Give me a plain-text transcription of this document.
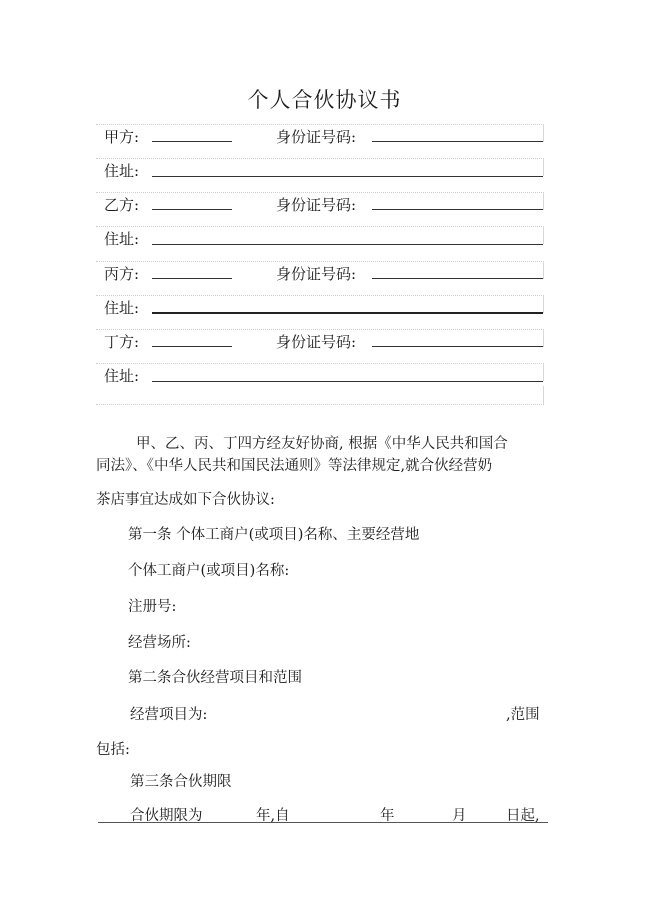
个人合伙协议书
甲方:	身份证号码:
住址:
乙方:	身份证号码:
住址:
丙方:	身份证号码:
住址:
丁方:	身份证号码:
住址:
甲、乙、丙、丁四方经友好协商, 根据《中华人民共和国合
同法》、《中华人民共和国民法通则》等法律规定,就合伙经营奶
茶店事宜达成如下合伙协议:
第一条 个体工商户(或项目)名称、主要经营地
个体工商户(或项目)名称:
注册号:
经营场所:
第二条合伙经营项目和范围
经营项目为:	,范围
包括:
第三条合伙期限
合伙期限为	年,自	年	月	日起,
